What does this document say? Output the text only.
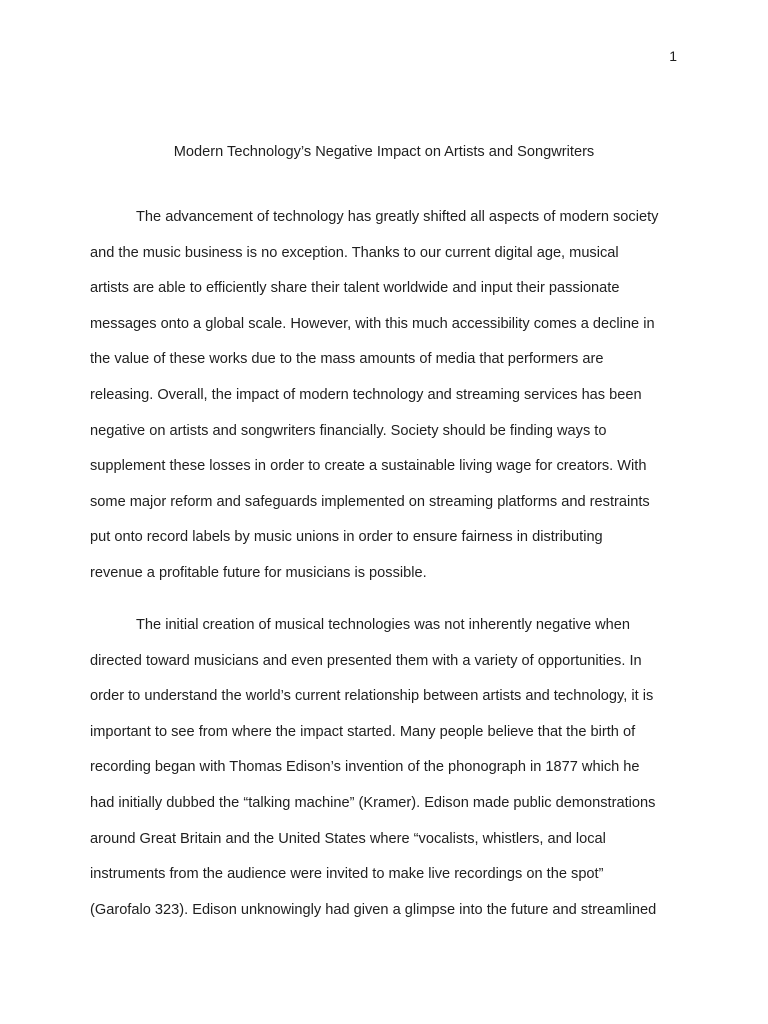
1
Modern Technology’s Negative Impact on Artists and Songwriters
The advancement of technology has greatly shifted all aspects of modern society
and the music business is no exception. Thanks to our current digital age, musical
artists are able to efficiently share their talent worldwide and input their passionate
messages onto a global scale. However, with this much accessibility comes a decline in
the value of these works due to the mass amounts of media that performers are
releasing. Overall, the impact of modern technology and streaming services has been
negative on artists and songwriters financially. Society should be finding ways to
supplement these losses in order to create a sustainable living wage for creators. With
some major reform and safeguards implemented on streaming platforms and restraints
put onto record labels by music unions in order to ensure fairness in distributing
revenue a profitable future for musicians is possible.
The initial creation of musical technologies was not inherently negative when
directed toward musicians and even presented them with a variety of opportunities. In
order to understand the world’s current relationship between artists and technology, it is
important to see from where the impact started. Many people believe that the birth of
recording began with Thomas Edison’s invention of the phonograph in 1877 which he
had initially dubbed the “talking machine” (Kramer). Edison made public demonstrations
around Great Britain and the United States where “vocalists, whistlers, and local
instruments from the audience were invited to make live recordings on the spot”
(Garofalo 323). Edison unknowingly had given a glimpse into the future and streamlined
